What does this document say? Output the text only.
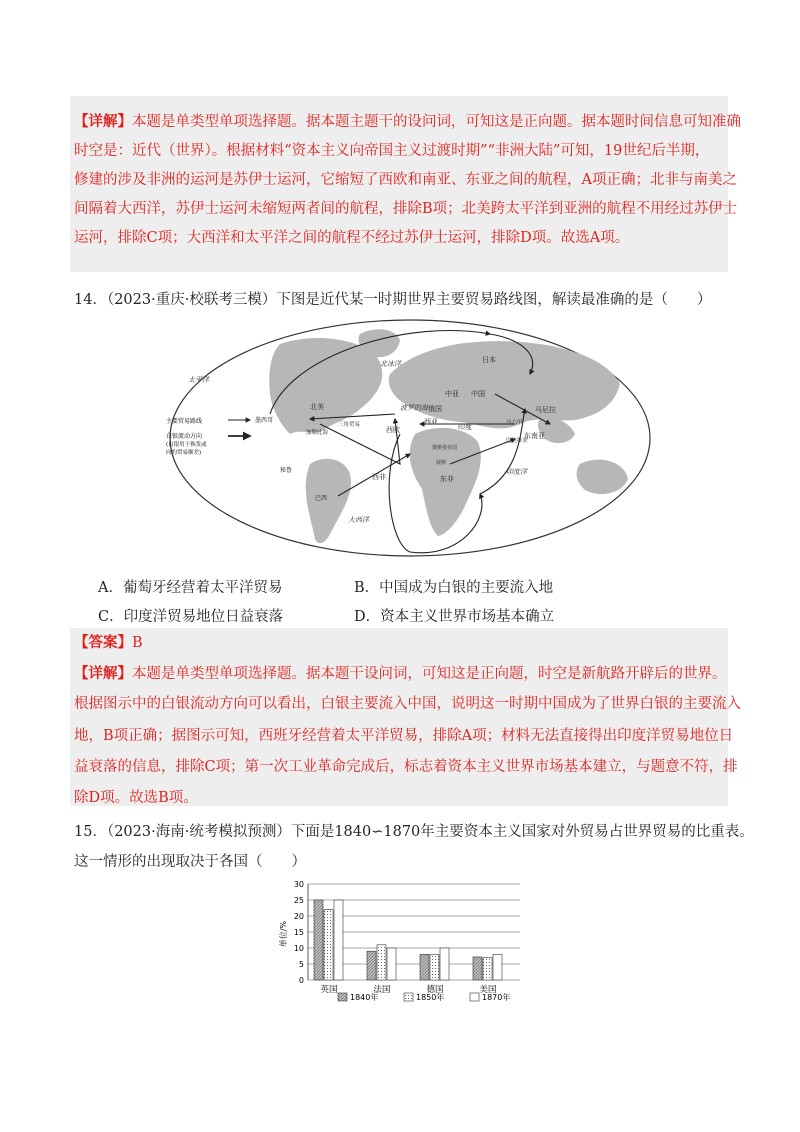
【详解】本题是单类型单项选择题。据本题主题干的设问词，可知这是正向题。据本题时间信息可知准确
时空是：近代（世界）。根据材料“资本主义向帝国主义过渡时期”“非洲大陆”可知，19世纪后半期，
修建的涉及非洲的运河是苏伊士运河，它缩短了西欧和南亚、东亚之间的航程，A项正确；北非与南美之
间隔着大西洋，苏伊士运河未缩短两者间的航程，排除B项；北美跨太平洋到亚洲的航程不用经过苏伊士
运河，排除C项；大西洋和太平洋之间的航程不经过苏伊士运河，排除D项。故选A项。
14．（2023·重庆·校联考三模）下图是近代某一时期世界主要贸易路线图，解读最准确的是（　　）
主要贸易路线
白银流动方向
(白银用于换货或
向的贸易顺差)
太平洋
北冰洋
大西洋
印度洋
日本
马尼拉
中国
中亚
西亚
印度
东南亚
西欧
波罗的海 俄国
北美
墨西哥
加勒比海
三角贸易
西非	东非
秘鲁
巴西
马六甲
巴达维亚
奥斯曼帝国
波斯
A．葡萄牙经营着太平洋贸易	B．中国成为白银的主要流入地
C．印度洋贸易地位日益衰落	D．资本主义世界市场基本确立
【答案】B
【详解】本题是单类型单项选择题。据本题干设问词，可知这是正向题，时空是新航路开辟后的世界。
根据图示中的白银流动方向可以看出，白银主要流入中国，说明这一时期中国成为了世界白银的主要流入
地，B项正确；据图示可知，西班牙经营着太平洋贸易，排除A项；材料无法直接得出印度洋贸易地位日
益衰落的信息，排除C项；第一次工业革命完成后，标志着资本主义世界市场基本建立，与题意不符，排
除D项。故选B项。
15．（2023·海南·统考模拟预测）下面是1840∽1870年主要资本主义国家对外贸易占世界贸易的比重表。
这一情形的出现取决于各国（　　）
单位/%
0
5
10
15
20
25
30
英国	法国	德国	美国
1840年	1850年	1870年
